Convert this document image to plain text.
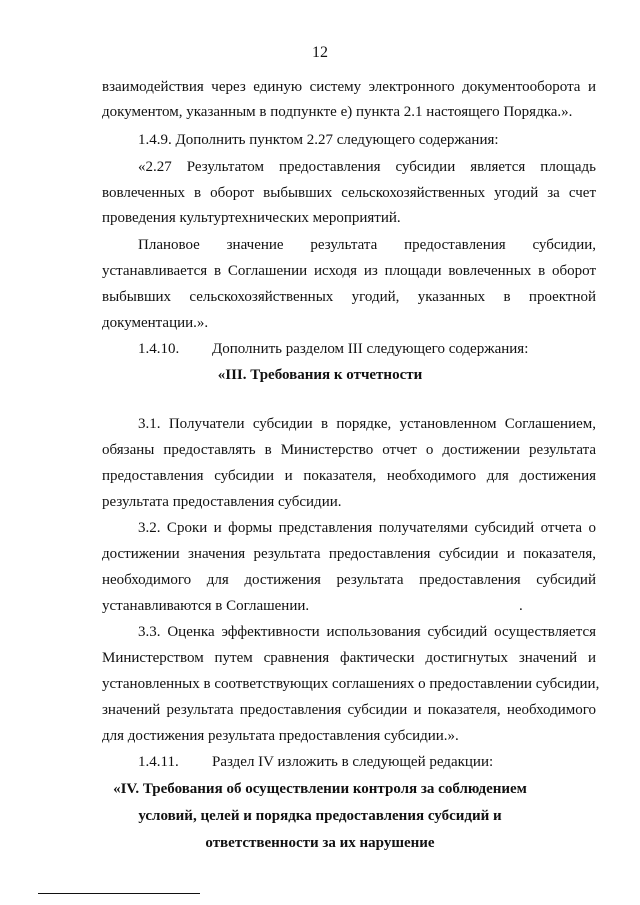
12
взаимодействия через единую систему электронного документооборота и
документом, указанным в подпункте е) пункта 2.1 настоящего Порядка.».
1.4.9. Дополнить пунктом 2.27 следующего содержания:
«2.27 Результатом предоставления субсидии является площадь
вовлеченных в оборот выбывших сельскохозяйственных угодий за счет
проведения культуртехнических мероприятий.
Плановое значение результата предоставления субсидии,
устанавливается в Соглашении исходя из площади вовлеченных в оборот
выбывших сельскохозяйственных угодий, указанных в проектной
документации.».
1.4.10. Дополнить разделом III следующего содержания:
«III. Требования к отчетности
3.1. Получатели субсидии в порядке, установленном Соглашением,
обязаны предоставлять в Министерство отчет о достижении результата
предоставления субсидии и показателя, необходимого для достижения
результата предоставления субсидии.
3.2. Сроки и формы представления получателями субсидий отчета о
достижении значения результата предоставления субсидии и показателя,
необходимого для достижения результата предоставления субсидий
устанавливаются в Соглашении.	.
3.3. Оценка эффективности использования субсидий осуществляется
Министерством путем сравнения фактически достигнутых значений и
установленных в соответствующих соглашениях о предоставлении субсидии,
значений результата предоставления субсидии и показателя, необходимого
для достижения результата предоставления субсидии.».
1.4.11. Раздел IV изложить в следующей редакции:
«IV. Требования об осуществлении контроля за соблюдением
условий, целей и порядка предоставления субсидий и
ответственности за их нарушение
